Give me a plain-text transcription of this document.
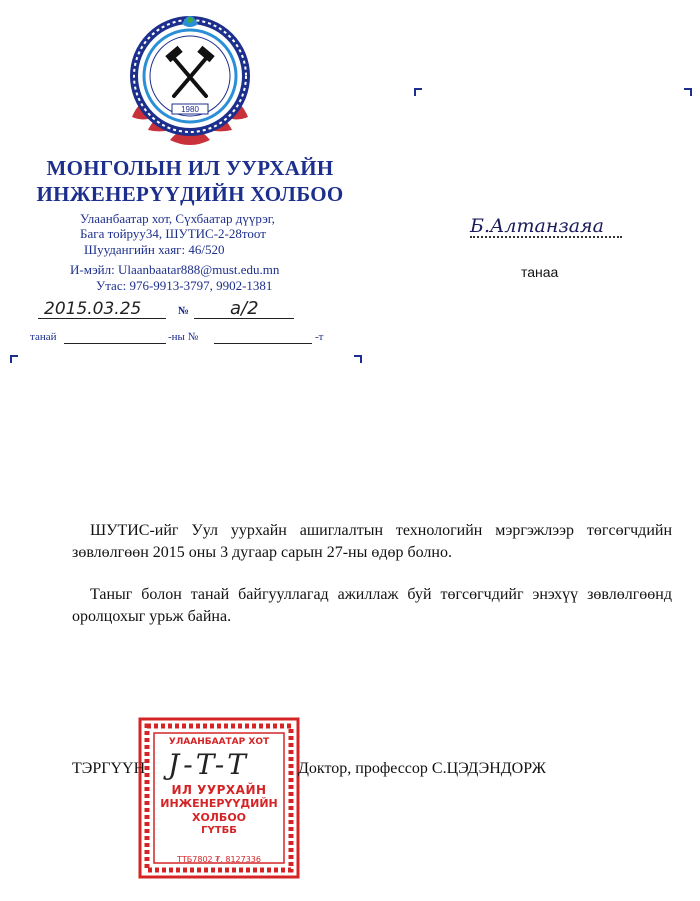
1980
МОНГОЛЫН ИЛ УУРХАЙН
ИНЖЕНЕРҮҮДИЙН ХОЛБОО
Улаанбаатар хот, Сүхбаатар дүүрэг,
Бага тойруу34, ШУТИС-2-28тоот
Шуудангийн хаяг: 46/520
И-мэйл: Ulaanbaatar888@must.edu.mn
Утас: 976-9913-3797, 9902-1381
2015.03.25	№ а/2
танай	-ны №	-т
Б.Алтанзаяа
танаа
ШУТИС-ийг Уул уурхайн ашиглалтын технологийн мэргэжлээр төгсөгчдийн зөвлөлгөөн 2015 оны 3 дугаар сарын 27-ны өдөр болно.
Таныг болон танай байгууллагад ажиллаж буй төгсөгчдийг энэхүү зөвлөлгөөнд оролцохыг урьж байна.
УЛААНБААТАР ХОТ
ИЛ УУРХАЙН
ИНЖЕНЕРҮҮДИЙН
ХОЛБОО
ГҮТББ
ТТБ7802 ₮. 8127336
ТЭРГҮҮН J-T-T	Доктор, профессор С.ЦЭДЭНДОРЖ
